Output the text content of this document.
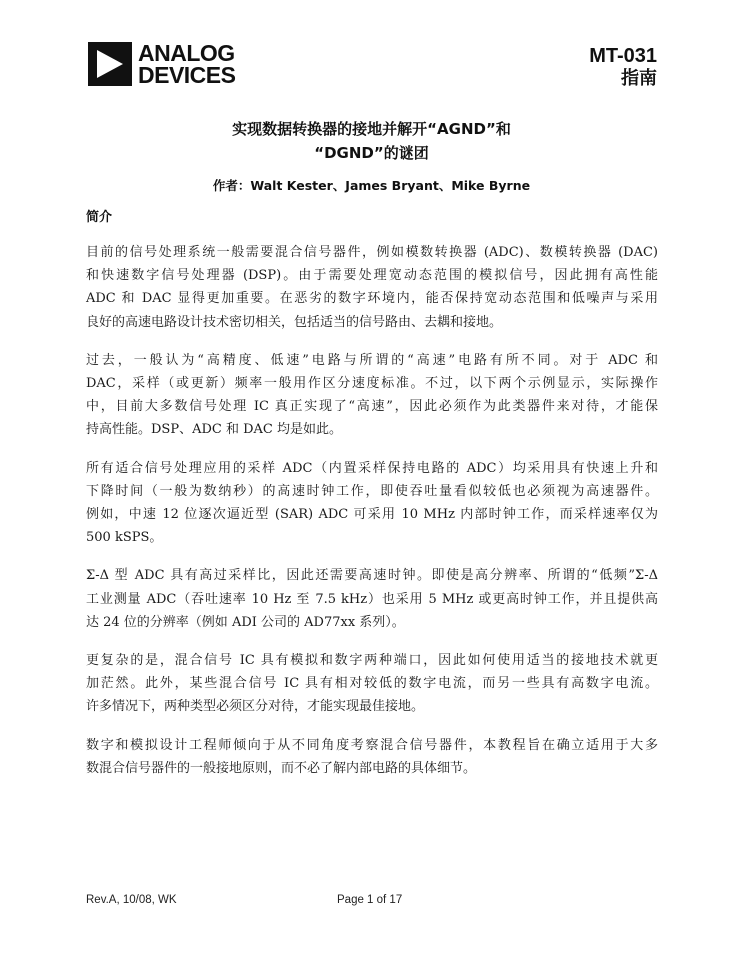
ANALOG
DEVICES
MT-031
指南
实现数据转换器的接地并解开“AGND”和
“DGND”的谜团
作者：Walt Kester、James Bryant、Mike Byrne
简介
目前的信号处理系统一般需要混合信号器件，例如模数转换器 (ADC)、数模转换器 (DAC)
和快速数字信号处理器 (DSP)。由于需要处理宽动态范围的模拟信号，因此拥有高性能
ADC 和 DAC 显得更加重要。在恶劣的数字环境内，能否保持宽动态范围和低噪声与采用
良好的高速电路设计技术密切相关，包括适当的信号路由、去耦和接地。
过去，一般认为“高精度、低速”电路与所谓的“高速”电路有所不同。对于 ADC 和
DAC，采样（或更新）频率一般用作区分速度标准。不过，以下两个示例显示，实际操作
中，目前大多数信号处理 IC 真正实现了“高速”，因此必须作为此类器件来对待，才能保
持高性能。DSP、ADC 和 DAC 均是如此。
所有适合信号处理应用的采样 ADC（内置采样保持电路的 ADC）均采用具有快速上升和
下降时间（一般为数纳秒）的高速时钟工作，即使吞吐量看似较低也必须视为高速器件。
例如，中速 12 位逐次逼近型 (SAR) ADC 可采用 10 MHz 内部时钟工作，而采样速率仅为
500 kSPS。
Σ-Δ 型 ADC 具有高过采样比，因此还需要高速时钟。即使是高分辨率、所谓的“低频”Σ-Δ
工业测量 ADC（吞吐速率 10 Hz 至 7.5 kHz）也采用 5 MHz 或更高时钟工作，并且提供高
达 24 位的分辨率（例如 ADI 公司的 AD77xx 系列）。
更复杂的是，混合信号 IC 具有模拟和数字两种端口，因此如何使用适当的接地技术就更
加茫然。此外，某些混合信号 IC 具有相对较低的数字电流，而另一些具有高数字电流。
许多情况下，两种类型必须区分对待，才能实现最佳接地。
数字和模拟设计工程师倾向于从不同角度考察混合信号器件，本教程旨在确立适用于大多
数混合信号器件的一般接地原则，而不必了解内部电路的具体细节。
Rev.A, 10/08, WK	Page 1 of 17
